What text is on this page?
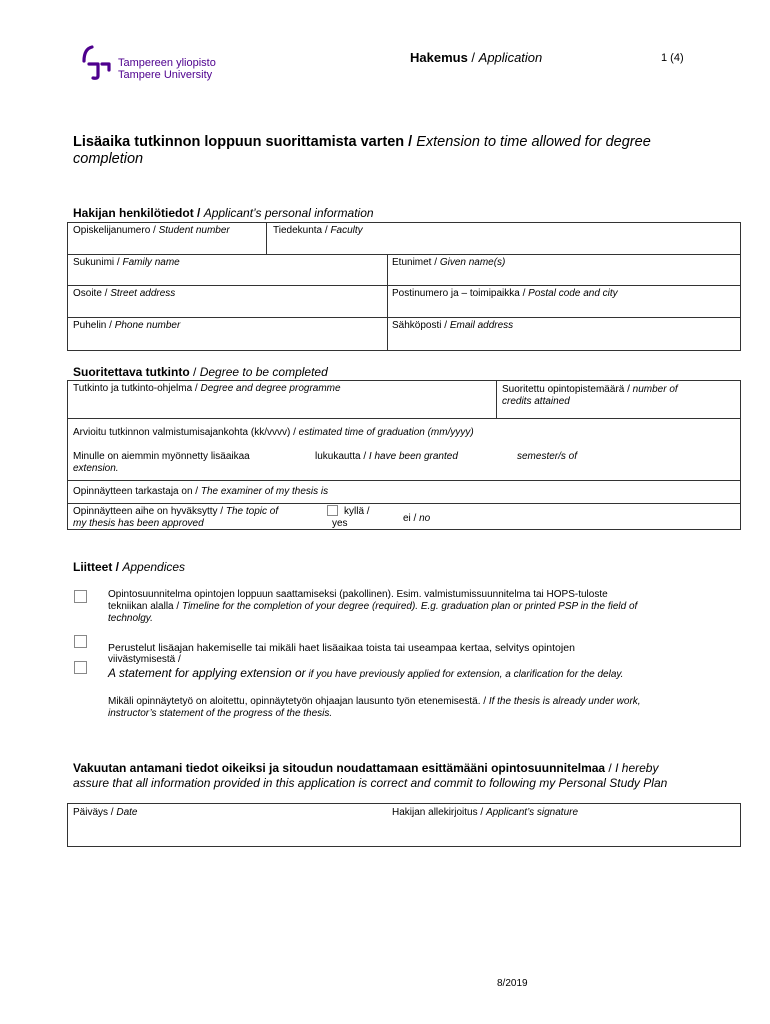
Tampereen yliopisto
Tampere University
Hakemus / Application	1 (4)
Lisäaika tutkinnon loppuun suorittamista varten / Extension to time allowed for degree completion
Hakijan henkilötiedot / Applicant’s personal information
Opiskelijanumero / Student number	Tiedekunta / Faculty
Sukunimi / Family name	Etunimet / Given name(s)
Osoite / Street address	Postinumero ja – toimipaikka / Postal code and city
Puhelin / Phone number	Sähköposti / Email address
Suoritettava tutkinto / Degree to be completed
Tutkinto ja tutkinto-ohjelma / Degree and degree programme	Suoritettu opintopistemäärä / number of
credits attained
Arvioitu tutkinnon valmistumisajankohta (kk/vvvv) / estimated time of graduation (mm/yyyy)
Minulle on aiemmin myönnetty lisäaikaa
extension.
lukukautta / I have been granted	semester/s of
Opinnäytteen tarkastaja on / The examiner of my thesis is
Opinnäytteen aihe on hyväksytty / The topic of
my thesis has been approved
kyllä /
yes	ei / no
Liitteet / Appendices
Opintosuunnitelma opintojen loppuun saattamiseksi (pakollinen). Esim. valmistumissuunnitelma tai HOPS-tuloste
tekniikan alalla / Timeline for the completion of your degree (required). E.g. graduation plan or printed PSP in the field of
technolgy.
Perustelut lisäajan hakemiselle tai mikäli haet lisäaikaa toista tai useampaa kertaa, selvitys opintojen
viivästymisestä /
A statement for applying extension or if you have previously applied for extension, a clarification for the delay.
Mikäli opinnäytetyö on aloitettu, opinnäytetyön ohjaajan lausunto työn etenemisestä. / If the thesis is already under work,
instructor’s statement of the progress of the thesis.
Vakuutan antamani tiedot oikeiksi ja sitoudun noudattamaan esittämääni opintosuunnitelmaa / I hereby
assure that all information provided in this application is correct and commit to following my Personal Study Plan
Päiväys / Date	Hakijan allekirjoitus / Applicant’s signature
8/2019
